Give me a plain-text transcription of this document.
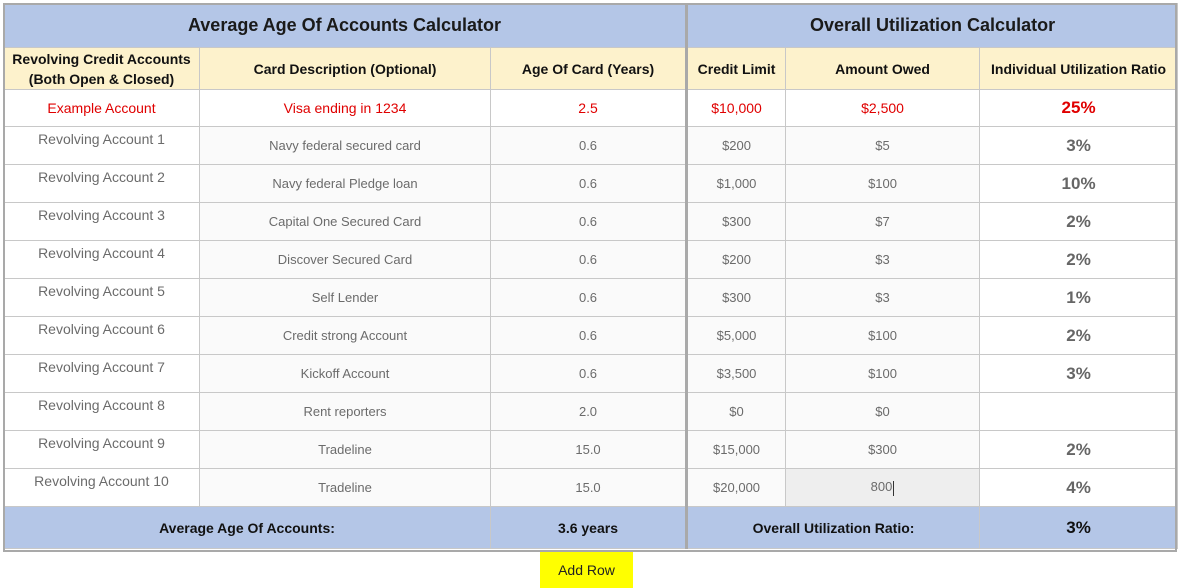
Average Age Of Accounts Calculator			Overall Utilization Calculator		
Revolving Credit Accounts (Both Open & Closed)	Card Description (Optional)	Age Of Card (Years)	Credit Limit	Amount Owed	Individual Utilization Ratio
Example Account	Visa ending in 1234	2.5	$10,000	$2,500	25%
Revolving Account 1	Navy federal secured card	0.6	$200	$5	3%
Revolving Account 2	Navy federal Pledge loan	0.6	$1,000	$100	10%
Revolving Account 3	Capital One Secured Card	0.6	$300	$7	2%
Revolving Account 4	Discover Secured Card	0.6	$200	$3	2%
Revolving Account 5	Self Lender	0.6	$300	$3	1%
Revolving Account 6	Credit strong Account	0.6	$5,000	$100	2%
Revolving Account 7	Kickoff Account	0.6	$3,500	$100	3%
Revolving Account 8	Rent reporters	2.0	$0	$0	
Revolving Account 9	Tradeline	15.0	$15,000	$300	2%
Revolving Account 10	Tradeline	15.0	$20,000	800	4%
Average Age Of Accounts:		3.6 years	Overall Utilization Ratio:		3%
Add Row
